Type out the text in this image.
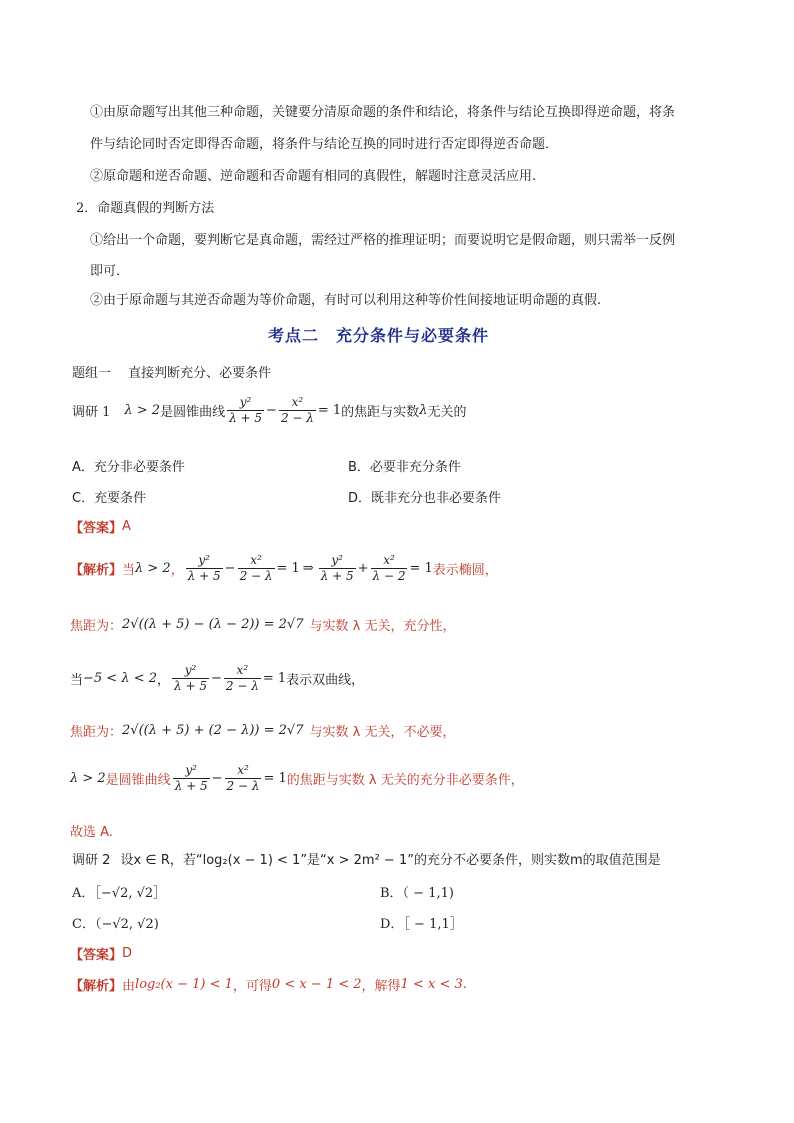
①由原命题写出其他三种命题，关键要分清原命题的条件和结论，将条件与结论互换即得逆命题，将条
件与结论同时否定即得否命题，将条件与结论互换的同时进行否定即得逆否命题．
②原命题和逆否命题、逆命题和否命题有相同的真假性，解题时注意灵活应用.
2．命题真假的判断方法
①给出一个命题，要判断它是真命题，需经过严格的推理证明；而要说明它是假命题，则只需举一反例
即可．
②由于原命题与其逆否命题为等价命题，有时可以利用这种等价性间接地证明命题的真假.
考点二　充分条件与必要条件
题组一　 直接判断充分、必要条件
调研 1 λ > 2 是圆锥曲线 $\frac{\text{y²}}{\lambda + 5} - \frac{\text{x²}}{2 - \lambda} = 1$ 的焦距与实数 λ 无关的
A．充分非必要条件	B．必要非充分条件
C．充要条件	D．既非充分也非必要条件
【答案】 A
【解析】 当 λ > 2 ， $\frac{\text{y²}}{\lambda + 5} - \frac{\text{x²}}{2 - \lambda} = 1$ ⇒ $\frac{\text{y²}}{\lambda + 5} + \frac{\text{x²}}{\lambda - 2} = 1$ 表示椭圆，
焦距为： 2√((λ + 5) − (λ − 2)) = 2√7 与实数 λ 无关，充分性，
当 −5 < λ < 2 ， $\frac{\text{y²}}{\lambda + 5} - \frac{\text{x²}}{2 - \lambda} = 1$ 表示双曲线，
焦距为： 2√((λ + 5) + (2 − λ)) = 2√7 与实数 λ 无关，不必要，
λ > 2 是圆锥曲线 $\frac{\text{y²}}{\lambda + 5} - \frac{\text{x²}}{2 - \lambda} = 1$ 的焦距与实数 λ 无关的充分非必要条件，
故选 A.
调研 2 设x ∈ R，若“log₂(x − 1) < 1”是“x > 2m² − 1”的充分不必要条件，则实数m的取值范围是
A．［−√2, √2］	B．（ − 1,1)
C．（−√2, √2)	D．［ − 1,1］
【答案】 D
【解析】 由 log₂(x − 1) < 1 ，可得 0 < x − 1 < 2 ，解得 1 < x < 3.
